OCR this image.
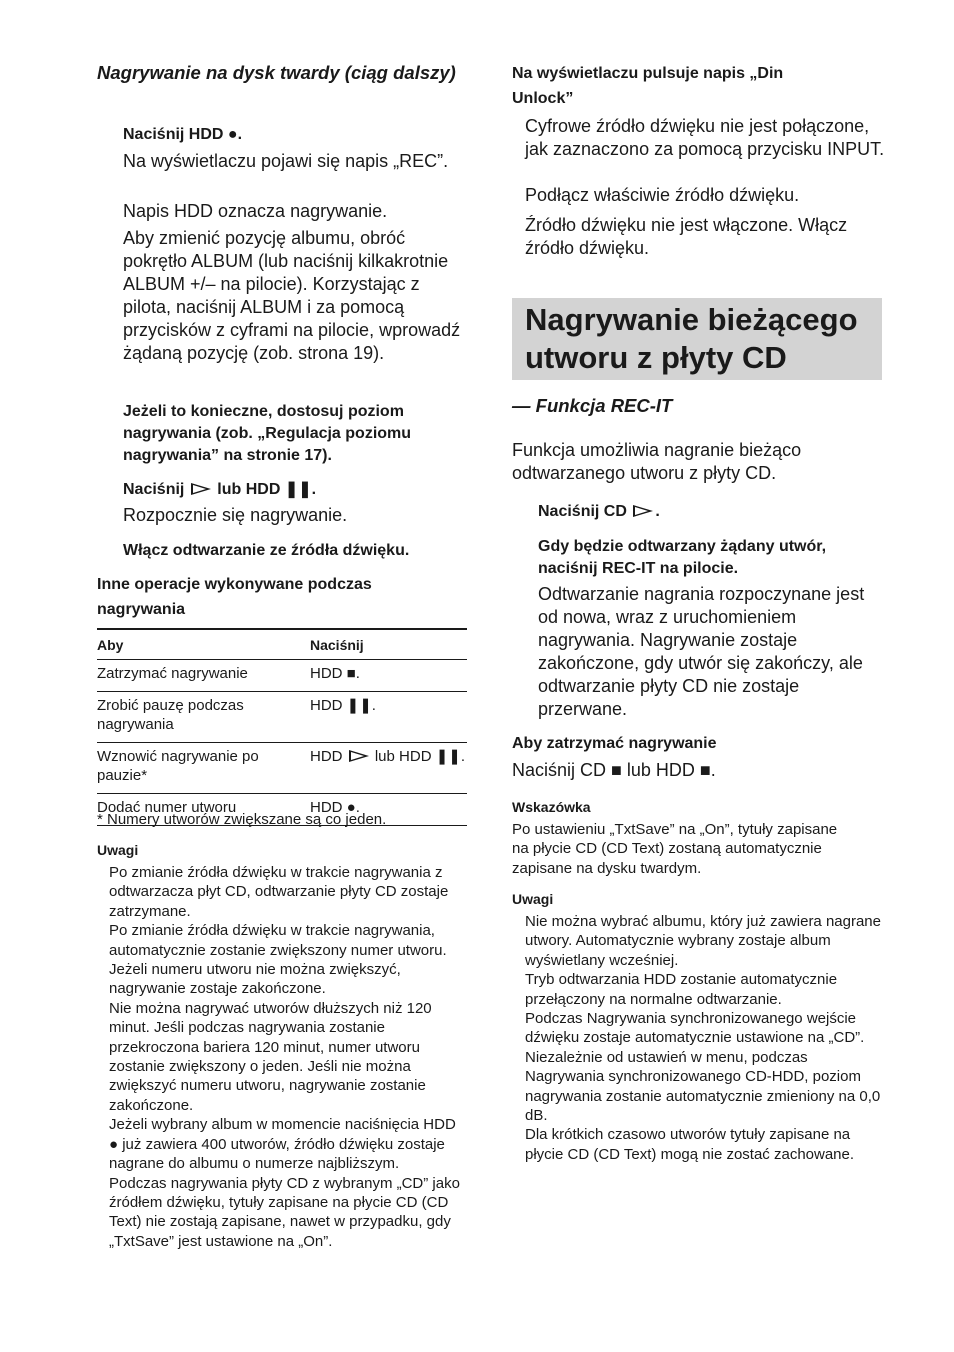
Nagrywanie na dysk twardy (ciąg dalszy)
Naciśnij HDD ●.
Na wyświetlaczu pojawi się napis „REC”.
Napis HDD oznacza nagrywanie.
Aby zmienić pozycję albumu, obróć pokrętło ALBUM (lub naciśnij kilkakrotnie ALBUM +/– na pilocie). Korzystając z pilota, naciśnij ALBUM i za pomocą przycisków z cyframi na pilocie, wprowadź żądaną pozycję (zob. strona 19).
Jeżeli to konieczne, dostosuj poziom nagrywania (zob. „Regulacja poziomu nagrywania” na stronie 17).
Naciśnij lub HDD ❚❚.
Rozpocznie się nagrywanie.
Włącz odtwarzanie ze źródła dźwięku.
Inne operacje wykonywane podczas nagrywania
Aby	Naciśnij
Zatrzymać nagrywanie	HDD ■.
Zrobić pauzę podczas nagrywania	HDD ❚❚.
Wznowić nagrywanie po pauzie*	HDD lub HDD ❚❚.
Dodać numer utworu	HDD ●.
* Numery utworów zwiększane są co jeden.
Uwagi
Po zmianie źródła dźwięku w trakcie nagrywania z odtwarzacza płyt CD, odtwarzanie płyty CD zostaje zatrzymane.
Po zmianie źródła dźwięku w trakcie nagrywania, automatycznie zostanie zwiększony numer utworu. Jeżeli numeru utworu nie można zwiększyć, nagrywanie zostaje zakończone.
Nie można nagrywać utworów dłuższych niż 120 minut. Jeśli podczas nagrywania zostanie przekroczona bariera 120 minut, numer utworu zostanie zwiększony o jeden. Jeśli nie można zwiększyć numeru utworu, nagrywanie zostanie zakończone.
Jeżeli wybrany album w momencie naciśnięcia HDD ● już zawiera 400 utworów, źródło dźwięku zostaje nagrane do albumu o numerze najbliższym.
Podczas nagrywania płyty CD z wybranym „CD” jako źródłem dźwięku, tytuły zapisane na płycie CD (CD Text) nie zostają zapisane, nawet w przypadku, gdy „TxtSave” jest ustawione na „On”.
Na wyświetlaczu pulsuje napis „Din Unlock”
Cyfrowe źródło dźwięku nie jest połączone, jak zaznaczono za pomocą przycisku INPUT.
Podłącz właściwie źródło dźwięku.
Źródło dźwięku nie jest włączone. Włącz źródło dźwięku.
Nagrywanie bieżącego utworu z płyty CD
— Funkcja REC-IT
Funkcja umożliwia nagranie bieżąco odtwarzanego utworu z płyty CD.
Naciśnij CD .
Gdy będzie odtwarzany żądany utwór, naciśnij REC-IT na pilocie.
Odtwarzanie nagrania rozpoczynane jest od nowa, wraz z uruchomieniem nagrywania. Nagrywanie zostaje zakończone, gdy utwór się zakończy, ale odtwarzanie płyty CD nie zostaje przerwane.
Aby zatrzymać nagrywanie
Naciśnij CD ■ lub HDD ■.
Wskazówka
Po ustawieniu „TxtSave” na „On”, tytuły zapisane na płycie CD (CD Text) zostaną automatycznie zapisane na dysku twardym.
Uwagi
Nie można wybrać albumu, który już zawiera nagrane utwory. Automatycznie wybrany zostaje album wyświetlany wcześniej.
Tryb odtwarzania HDD zostanie automatycznie przełączony na normalne odtwarzanie.
Podczas Nagrywania synchronizowanego wejście dźwięku zostaje automatycznie ustawione na „CD”.
Niezależnie od ustawień w menu, podczas Nagrywania synchronizowanego CD-HDD, poziom nagrywania zostanie automatycznie zmieniony na 0,0 dB.
Dla krótkich czasowo utworów tytuły zapisane na płycie CD (CD Text) mogą nie zostać zachowane.
